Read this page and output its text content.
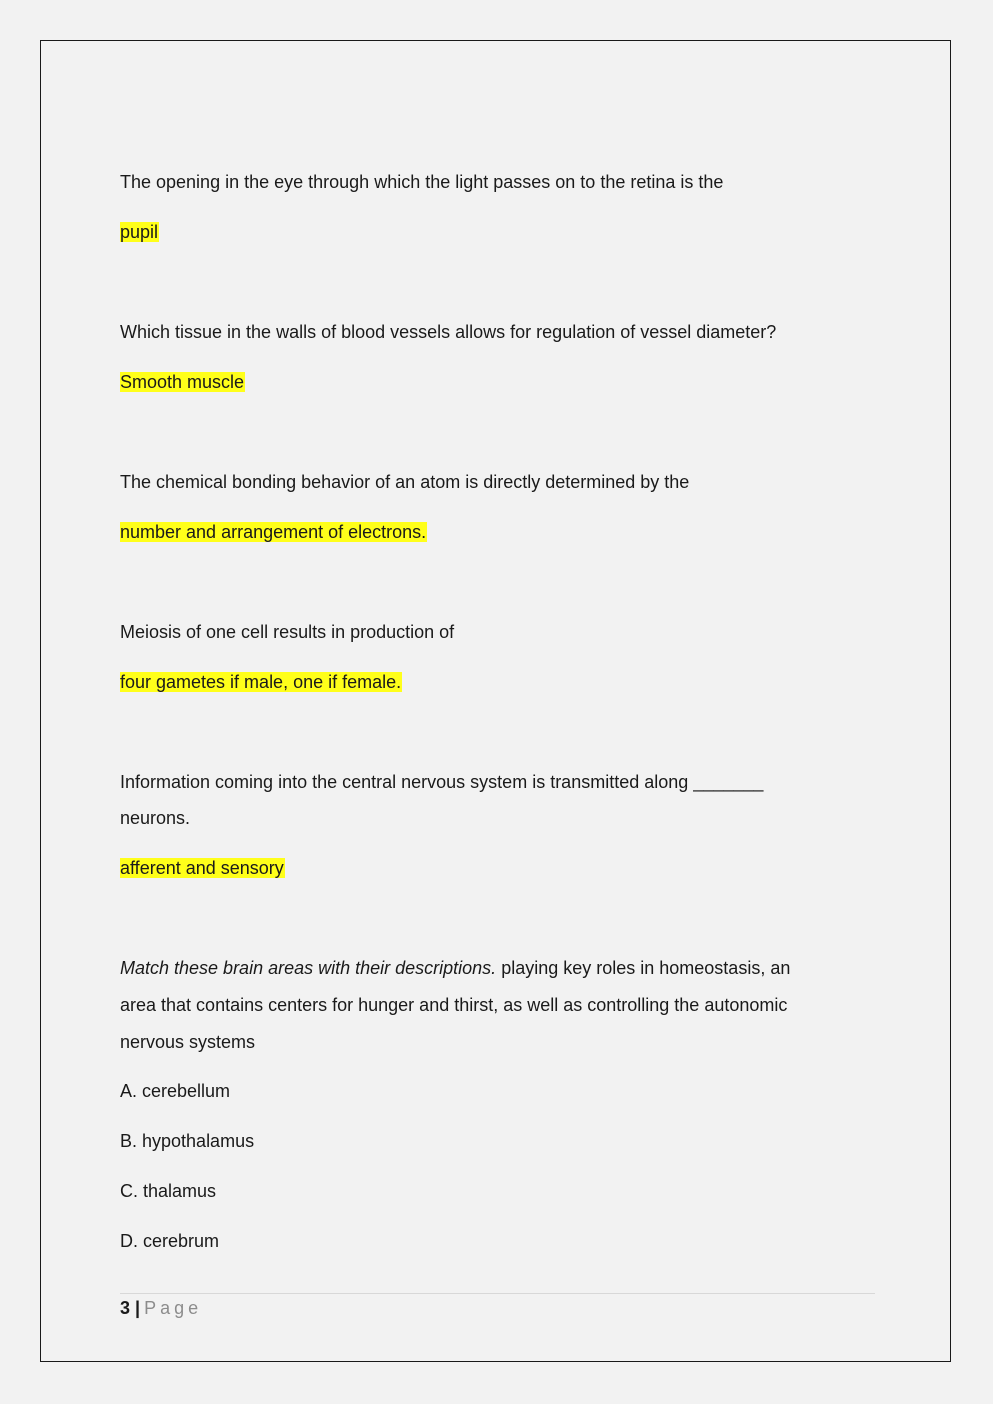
The opening in the eye through which the light passes on to the retina is the
pupil
Which tissue in the walls of blood vessels allows for regulation of vessel diameter?
Smooth muscle
The chemical bonding behavior of an atom is directly determined by the
number and arrangement of electrons.
Meiosis of one cell results in production of
four gametes if male, one if female.
Information coming into the central nervous system is transmitted along _______
neurons.
afferent and sensory
Match these brain areas with their descriptions. playing key roles in homeostasis, an
area that contains centers for hunger and thirst, as well as controlling the autonomic
nervous systems
A. cerebellum
B. hypothalamus
C. thalamus
D. cerebrum
3 | Page
